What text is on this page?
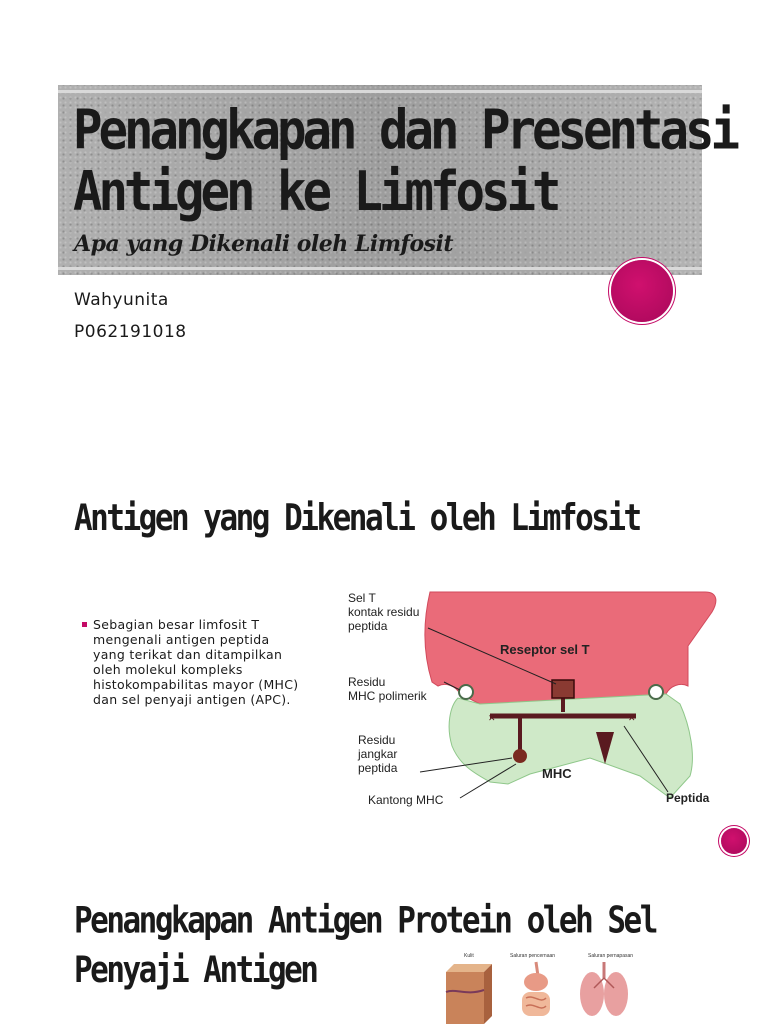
Penangkapan dan Presentasi
Antigen ke Limfosit
Apa yang Dikenali oleh Limfosit
Wahyunita
P062191018
Antigen yang Dikenali oleh Limfosit
Sebagian besar limfosit T
mengenali antigen peptida
yang terikat dan ditampilkan
oleh molekul kompleks
histokompabilitas mayor (MHC)
dan sel penyaji antigen (APC).
✕	✕
Sel T
kontak residu
peptida
Residu
MHC polimerik
Residu
jangkar
peptida
Kantong MHC
Reseptor sel T
MHC
Peptida
Penangkapan Antigen Protein oleh Sel
Penyaji Antigen	Kulit	Saluran pencernaan	Saluran pernapasan
